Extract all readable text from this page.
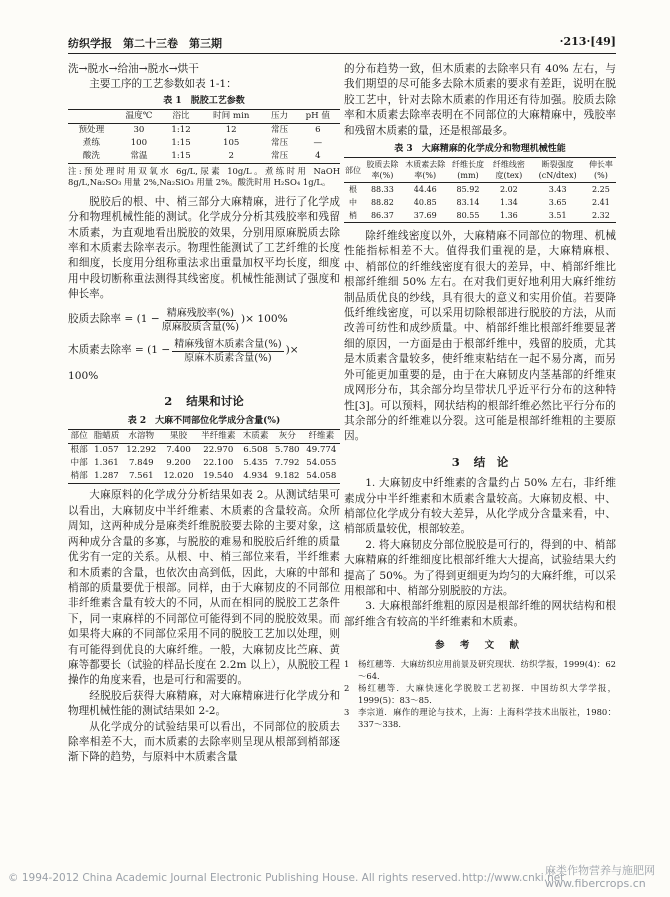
纺织学报　第二十三卷　第三期	·213·[49]

洗→脱水→给油→脱水→烘干

主要工序的工艺参数如表 1-1：

表 1　脱胶工艺参数
	温度℃	浴比	时间 min	压力	pH 值
预处理	30	1:12	12	常压	6
煮练	100	1:15	105	常压	—
酸洗	常温	1:15	2	常压	4

注:预处理时用双氧水 6g/L,尿素 10g/L。煮练时用 NaOH 8g/L,Na₂SO₃ 用量 2%,Na₂SiO₃ 用量 2%。酸洗时用 H₂SO₄ 1g/L。

脱胶后的根、中、梢三部分大麻精麻，进行了化学成分和物理机械性能的测试。化学成分分析其残胶率和残留木质素，为直观地看出脱胶的效果，分别用原麻脱质去除率和木质素去除率表示。物理性能测试了工艺纤维的长度和细度，长度用分组称重法求出重量加权平均长度，细度用中段切断称重法测得其线密度。机械性能测试了强度和伸长率。

胶质去除率 = ($1 - \frac{\text{精麻残胶率(\%)}}{\text{原麻胶质含量(\%)}}$ )× 100%
木质素去除率 = ($1 - \frac{\text{精麻残留木质素含量(\%)}}{\text{原麻木质素含量(\%)}}$ )×

100%

2 结果和讨论
表 2　大麻不同部位化学成分含量(%)
部位	脂蜡质	水溶物	果胶	半纤维素	木质素	灰分	纤维素
根部	1.057	12.292	7.400	22.970	6.508	5.780	49.774
中部	1.361	7.849	9.200	22.100	5.435	7.792	54.055
梢部	1.287	7.561	12.020	19.540	4.934	9.182	54.058

大麻原料的化学成分分析结果如表 2。从测试结果可以看出，大麻韧皮中半纤维素、木质素的含量较高。众所周知，这两种成分是麻类纤维脱胶要去除的主要对象，这两种成分含量的多寡，与脱胶的难易和脱胶后纤维的质量优劣有一定的关系。从根、中、梢三部位来看，半纤维素和木质素的含量，也依次由高到低，因此，大麻的中部和梢部的质量要优于根部。同样，由于大麻韧皮的不同部位非纤维素含量有较大的不同，从而在相同的脱胶工艺条件下，同一束麻样的不同部位可能得到不同的脱胶效果。而如果将大麻的不同部位采用不同的脱胶工艺加以处理，则有可能得到优良的大麻纤维。一般，大麻韧皮比苎麻、黄麻等都要长（试验的样品长度在 2.2m 以上），从脱胶工程操作的角度来看，也是可行和需要的。

经脱胶后获得大麻精麻，对大麻精麻进行化学成分和物理机械性能的测试结果如 2-2。

从化学成分的试验结果可以看出，不同部位的胶质去除率相差不大，而木质素的去除率则呈现从根部到梢部逐渐下降的趋势，与原料中木质素含量

的分布趋势一致，但木质素的去除率只有 40% 左右，与我们期望的尽可能多去除木质素的要求有差距，说明在脱胶工艺中，针对去除木质素的作用还有待加强。胶质去除率和木质素去除率表明在不同部位的大麻精麻中，残胶率和残留木质素的量，还是根部最多。

表 3　大麻精麻的化学成分和物理机械性能
部位	胶质去除率(%)	木质素去除率(%)	纤维长度(mm)	纤维线密度(tex)	断裂强度(cN/dtex)	伸长率(%)
根	88.33	44.46	85.92	2.02	3.43	2.25
中	88.82	40.85	83.14	1.34	3.65	2.41
梢	86.37	37.69	80.55	1.36	3.51	2.32

除纤维线密度以外，大麻精麻不同部位的物理、机械性能指标相差不大。值得我们重视的是，大麻精麻根、中、梢部位的纤维线密度有很大的差异，中、梢部纤维比根部纤维细 50% 左右。在对我们更好地利用大麻纤维纺制品质优良的纱线，具有很大的意义和实用价值。若要降低纤维线密度，可以采用切除根部进行脱胶的方法，从而改善可纺性和成纱质量。中、梢部纤维比根部纤维要显著细的原因，一方面是由于根部纤维中，残留的胶质，尤其是木质素含量较多，使纤维束粘结在一起不易分离，而另外可能更加重要的是，由于在大麻韧皮内茎基部的纤维束成网形分布，其余部分均呈带状几乎近平行分布的这种特性[3]。可以预料，网状结构的根部纤维必然比平行分布的其余部分的纤维难以分裂。这可能是根部纤维粗的主要原因。

3 结　论

1. 大麻韧皮中纤维素的含量约占 50% 左右，非纤维素成分中半纤维素和木质素含量较高。大麻韧皮根、中、梢部位化学成分有较大差异，从化学成分含量来看，中、梢部质量较优，根部较差。

2. 将大麻韧皮分部位脱胶是可行的，得到的中、梢部大麻精麻的纤维细度比根部纤维大大提高，试验结果大约提高了 50%。为了得到更细更为均匀的大麻纤维，可以采用根部和中、梢部分别脱胶的方法。

3. 大麻根部纤维粗的原因是根部纤维的网状结构和根部纤维含有较高的半纤维素和木质素。

参 考 文 献
1	杨红穗等．大麻纺织应用前景及研究现状．纺织学报，1999(4)：62～64．
2	杨红穗等．大麻快速化学脱胶工艺初探．中国纺织大学学报，1999(5)：83～85．
3	李宗道．麻作的理论与技术，上海：上海科学技术出版社，1980：337～338．
© 1994-2012 China Academic Journal Electronic Publishing House. All rights reserved. http://www.cnki.net
麻类作物营养与施肥网
www.fibercrops.cn
